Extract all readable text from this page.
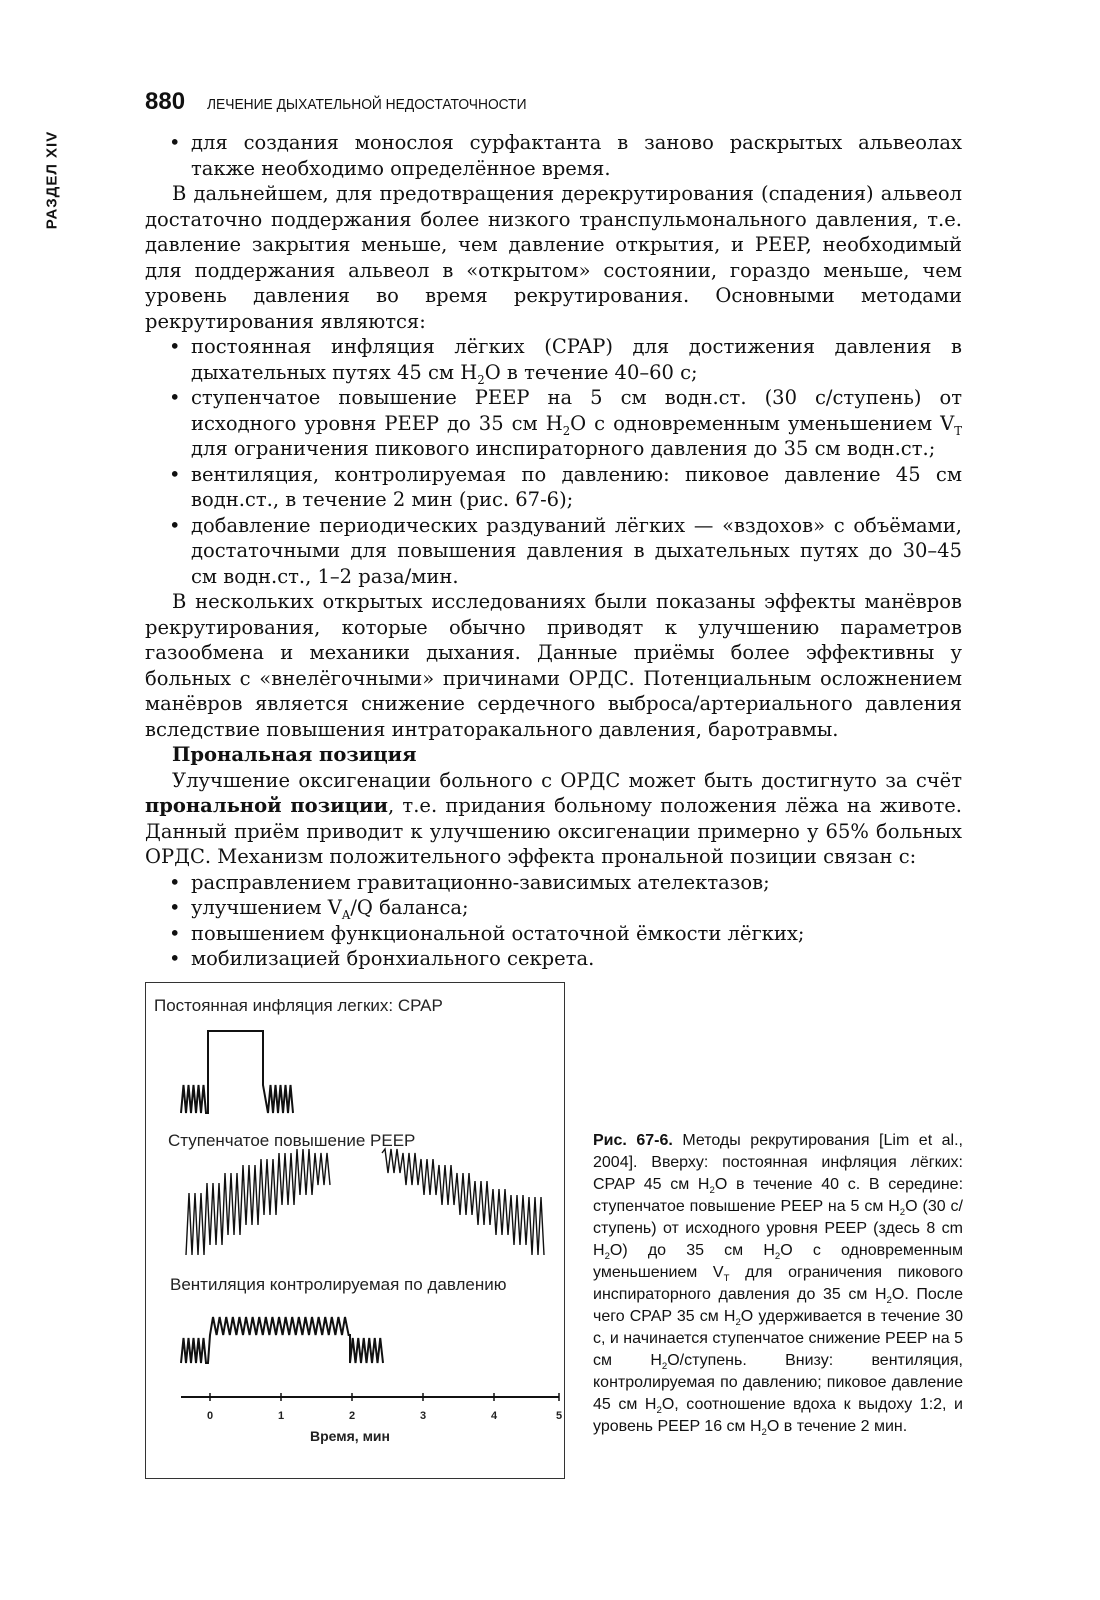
РАЗДЕЛ XIV
880 ЛЕЧЕНИЕ ДЫХАТЕЛЬНОЙ НЕДОСТАТОЧНОСТИ
• для создания монослоя сурфактанта в заново раскрытых альвеолах также необходимо определённое время.

В дальнейшем, для предотвращения дерекрутирования (спадения) альвеол достаточно поддержания более низкого транспульмонального давления, т.е. давление закрытия меньше, чем давление открытия, и PEEP, необходимый для поддержания альвеол в «открытом» состоянии, гораздо меньше, чем уровень давления во время рекрутирования. Основными методами рекрутирования являются:

• постоянная инфляция лёгких (CPAP) для достижения давления в дыхательных путях 45 см $H_2O$ в течение 40–60 с;
• ступенчатое повышение PEEP на 5 см водн.ст. (30 с/ступень) от исходного уровня PEEP до 35 см $H_2O$ с одновременным уменьшением $V_T$ для ограничения пикового инспираторного давления до 35 см водн.ст.;
• вентиляция, контролируемая по давлению: пиковое давление 45 см водн.ст., в течение 2 мин (рис. 67-6);
• добавление периодических раздуваний лёгких — «вздохов» с объёмами, достаточными для повышения давления в дыхательных путях до 30–45 см водн.ст., 1–2 раза/мин.

В нескольких открытых исследованиях были показаны эффекты манёвров рекрутирования, которые обычно приводят к улучшению параметров газообмена и механики дыхания. Данные приёмы более эффективны у больных с «внелёгочными» причинами ОРДС. Потенциальным осложнением манёвров является снижение сердечного выброса/артериального давления вследствие повышения интраторакального давления, баротравмы.

Прональная позиция

Улучшение оксигенации больного с ОРДС может быть достигнуто за счёт прональной позиции, т.е. придания больному положения лёжа на животе. Данный приём приводит к улучшению оксигенации примерно у 65% больных ОРДС. Механизм положительного эффекта прональной позиции связан с:

• расправлением гравитационно-зависимых ателектазов;
• улучшением $V_A/Q$ баланса;
• повышением функциональной остаточной ёмкости лёгких;
• мобилизацией бронхиального секрета.
Постоянная инфляция легких: CPAP
Ступенчатое повышение PEEP
Вентиляция контролируемая по давлению
0	1	2	3	4	5
Время, мин
Рис. 67-6. Методы рекрутирования [Lim et al., 2004]. Вверху: постоянная инфляция лёгких: CPAP 45 см $H_2O$ в течение 40 с. В середине: ступенчатое повышение PEEP на 5 см $H_2O$ (30 с/ступень) от исходного уровня PEEP (здесь 8 cm $H_2O$) до 35 см $H_2O$ с одновременным уменьшением $V_T$ для ограничения пикового инспираторного давления до 35 см $H_2O$. После чего CPAP 35 см $H_2O$ удерживается в течение 30 с, и начинается ступенчатое снижение PEEP на 5 см $H_2O$/ступень. Внизу: вентиляция, контролируемая по давлению; пиковое давление 45 см $H_2O$, соотношение вдоха к выдоху 1:2, и уровень PEEP 16 см $H_2O$ в течение 2 мин.
